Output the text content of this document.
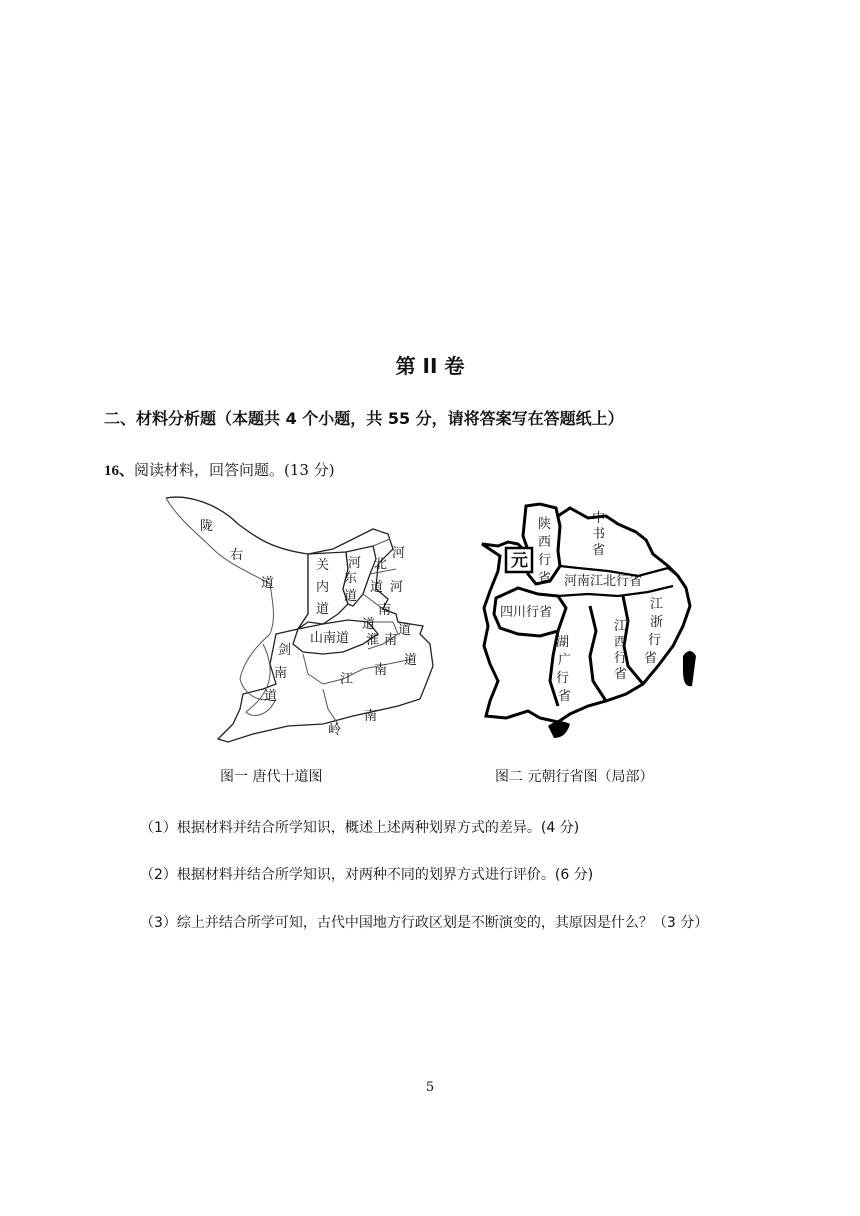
第 II 卷
二、材料分析题（本题共 4 个小题，共 55 分，请将答案写在答题纸上）
16、阅读材料，回答问题。(13 分)
陇
右
道
关
内
道
河
东
道
河
北
道 河
南
道
淮 南
道
山南道
剑
南
道
江
南
道
岭
南
元
中
书
省
陕
西
行
省 河南江北行省
四川行省
江
浙
行
省
江
西
行
省
湖
广
行
省
图一 唐代十道图	图二 元朝行省图（局部）
（1）根据材料并结合所学知识，概述上述两种划界方式的差异。(4 分)
（2）根据材料并结合所学知识，对两种不同的划界方式进行评价。(6 分)
（3）综上并结合所学可知，古代中国地方行政区划是不断演变的，其原因是什么？（3 分）
5
